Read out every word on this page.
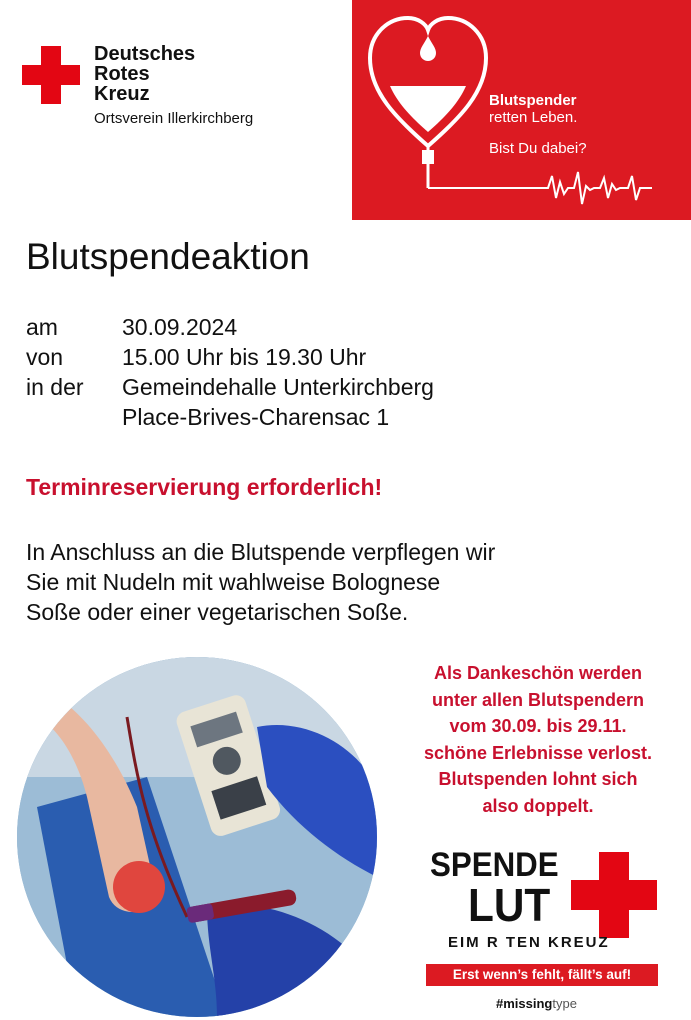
Deutsches
Rotes
Kreuz
Ortsverein Illerkirchberg
Blutspender
retten Leben.
Bist Du dabei?
Blutspendeaktion
am	30.09.2024
von	15.00 Uhr bis 19.30 Uhr
in der	Gemeindehalle Unterkirchberg
Place-Brives-Charensac 1
Terminreservierung erforderlich!
In Anschluss an die Blutspende verpflegen wir
Sie mit Nudeln mit wahlweise Bolognese
Soße oder einer vegetarischen Soße.
Als Dankeschön werden
unter allen Blutspendern
vom 30.09. bis 29.11.
schöne Erlebnisse verlost.
Blutspenden lohnt sich
also doppelt.
SPENDE
LUT
EIM R TEN KREUZ
Erst wenn’s fehlt, fällt’s auf!
#missingtype
